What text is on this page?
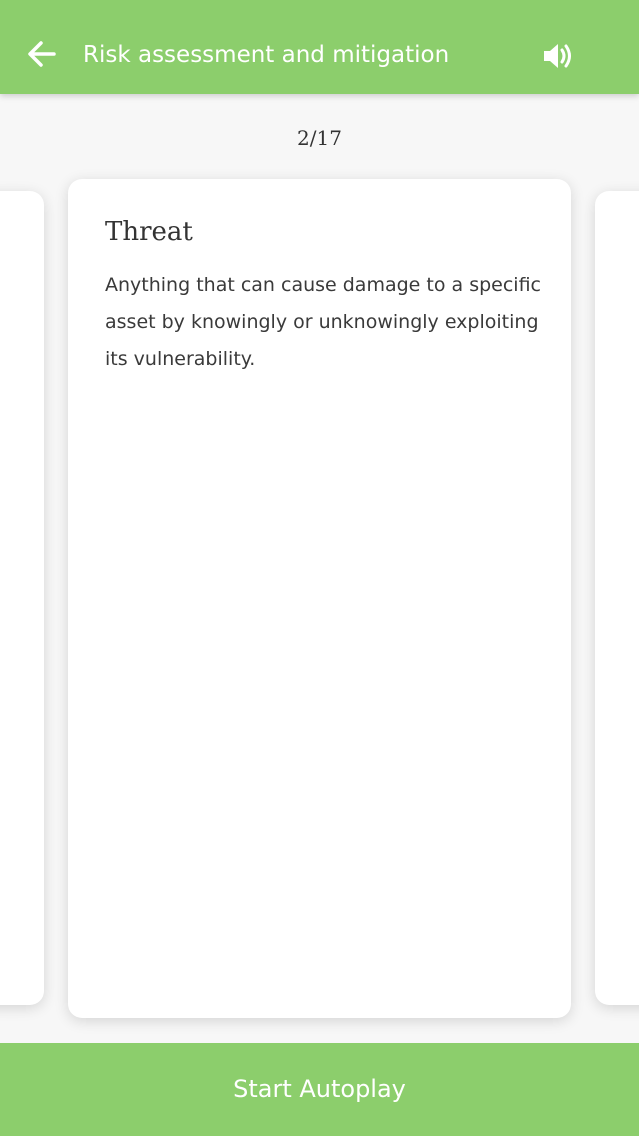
Risk assessment and mitigation
2/17
Threat
Anything that can cause damage to a specific asset by knowingly or unknowingly exploiting its vulnerability.
Start Autoplay
